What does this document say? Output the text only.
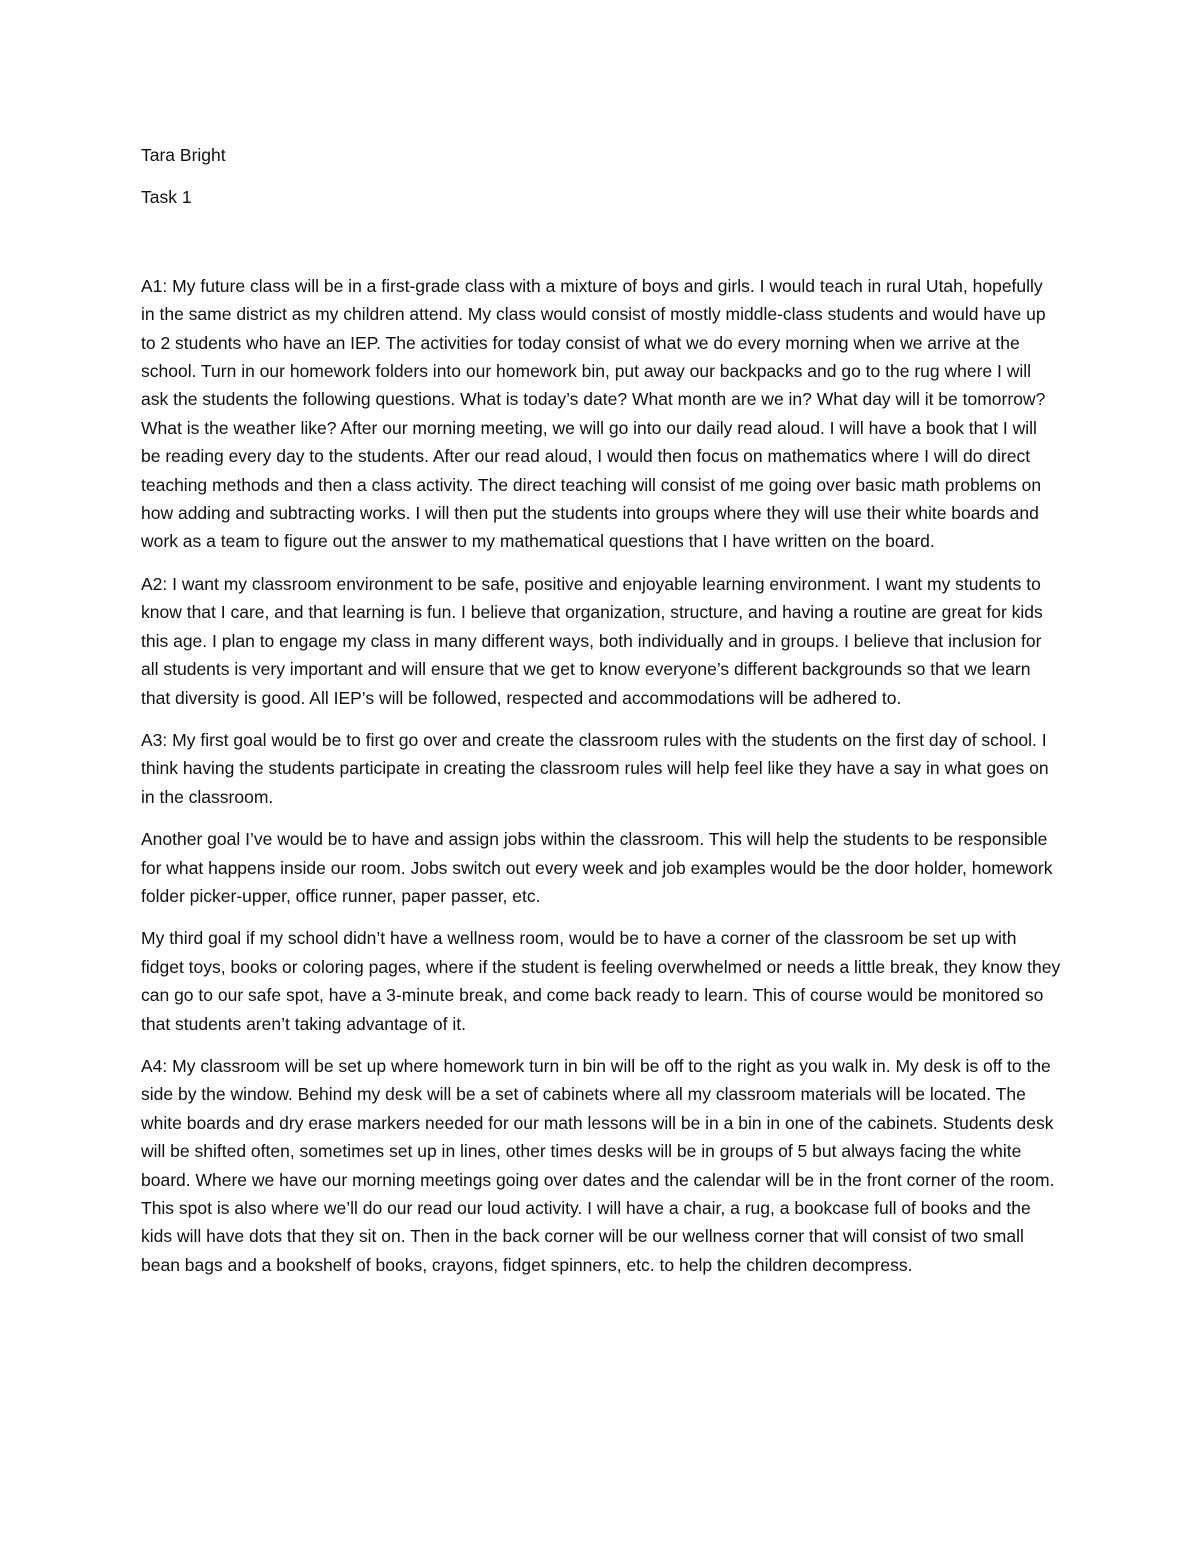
Tara Bright

Task 1

A1: My future class will be in a first-grade class with a mixture of boys and girls. I would teach in rural Utah, hopefully in the same district as my children attend. My class would consist of mostly middle-class students and would have up to 2 students who have an IEP. The activities for today consist of what we do every morning when we arrive at the school. Turn in our homework folders into our homework bin, put away our backpacks and go to the rug where I will ask the students the following questions. What is today’s date? What month are we in? What day will it be tomorrow? What is the weather like? After our morning meeting, we will go into our daily read aloud. I will have a book that I will be reading every day to the students. After our read aloud, I would then focus on mathematics where I will do direct teaching methods and then a class activity. The direct teaching will consist of me going over basic math problems on how adding and subtracting works. I will then put the students into groups where they will use their white boards and work as a team to figure out the answer to my mathematical questions that I have written on the board.

A2: I want my classroom environment to be safe, positive and enjoyable learning environment. I want my students to know that I care, and that learning is fun. I believe that organization, structure, and having a routine are great for kids this age. I plan to engage my class in many different ways, both individually and in groups. I believe that inclusion for all students is very important and will ensure that we get to know everyone’s different backgrounds so that we learn that diversity is good. All IEP’s will be followed, respected and accommodations will be adhered to.

A3: My first goal would be to first go over and create the classroom rules with the students on the first day of school. I think having the students participate in creating the classroom rules will help feel like they have a say in what goes on in the classroom.

Another goal I’ve would be to have and assign jobs within the classroom. This will help the students to be responsible for what happens inside our room. Jobs switch out every week and job examples would be the door holder, homework folder picker-upper, office runner, paper passer, etc.

My third goal if my school didn’t have a wellness room, would be to have a corner of the classroom be set up with fidget toys, books or coloring pages, where if the student is feeling overwhelmed or needs a little break, they know they can go to our safe spot, have a 3-minute break, and come back ready to learn. This of course would be monitored so that students aren’t taking advantage of it.

A4: My classroom will be set up where homework turn in bin will be off to the right as you walk in. My desk is off to the side by the window. Behind my desk will be a set of cabinets where all my classroom materials will be located. The white boards and dry erase markers needed for our math lessons will be in a bin in one of the cabinets. Students desk will be shifted often, sometimes set up in lines, other times desks will be in groups of 5 but always facing the white board. Where we have our morning meetings going over dates and the calendar will be in the front corner of the room. This spot is also where we’ll do our read our loud activity. I will have a chair, a rug, a bookcase full of books and the kids will have dots that they sit on. Then in the back corner will be our wellness corner that will consist of two small bean bags and a bookshelf of books, crayons, fidget spinners, etc. to help the children decompress.
